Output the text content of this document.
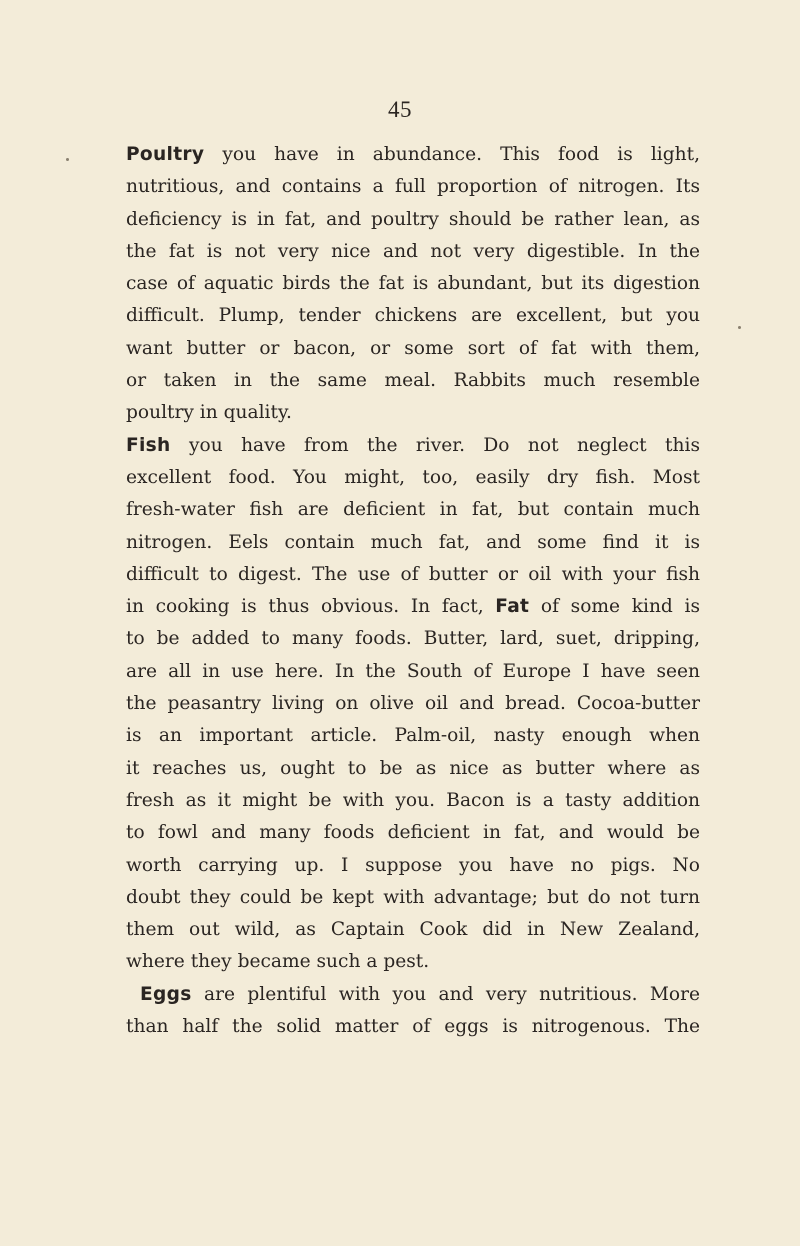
45
Poultry you have in abundance. This food is light,
nutritious, and contains a full proportion of nitrogen. Its
deficiency is in fat, and poultry should be rather lean, as
the fat is not very nice and not very digestible. In the
case of aquatic birds the fat is abundant, but its digestion
difficult. Plump, tender chickens are excellent, but you
want butter or bacon, or some sort of fat with them,
or taken in the same meal. Rabbits much resemble
poultry in quality.
Fish you have from the river. Do not neglect this
excellent food. You might, too, easily dry fish. Most
fresh-water fish are deficient in fat, but contain much
nitrogen. Eels contain much fat, and some find it is
difficult to digest. The use of butter or oil with your fish
in cooking is thus obvious. In fact, Fat of some kind is
to be added to many foods. Butter, lard, suet, dripping,
are all in use here. In the South of Europe I have seen
the peasantry living on olive oil and bread. Cocoa-butter
is an important article. Palm-oil, nasty enough when
it reaches us, ought to be as nice as butter where as
fresh as it might be with you. Bacon is a tasty addition
to fowl and many foods deficient in fat, and would be
worth carrying up. I suppose you have no pigs. No
doubt they could be kept with advantage; but do not turn
them out wild, as Captain Cook did in New Zealand,
where they became such a pest.
Eggs are plentiful with you and very nutritious. More
than half the solid matter of eggs is nitrogenous. The
